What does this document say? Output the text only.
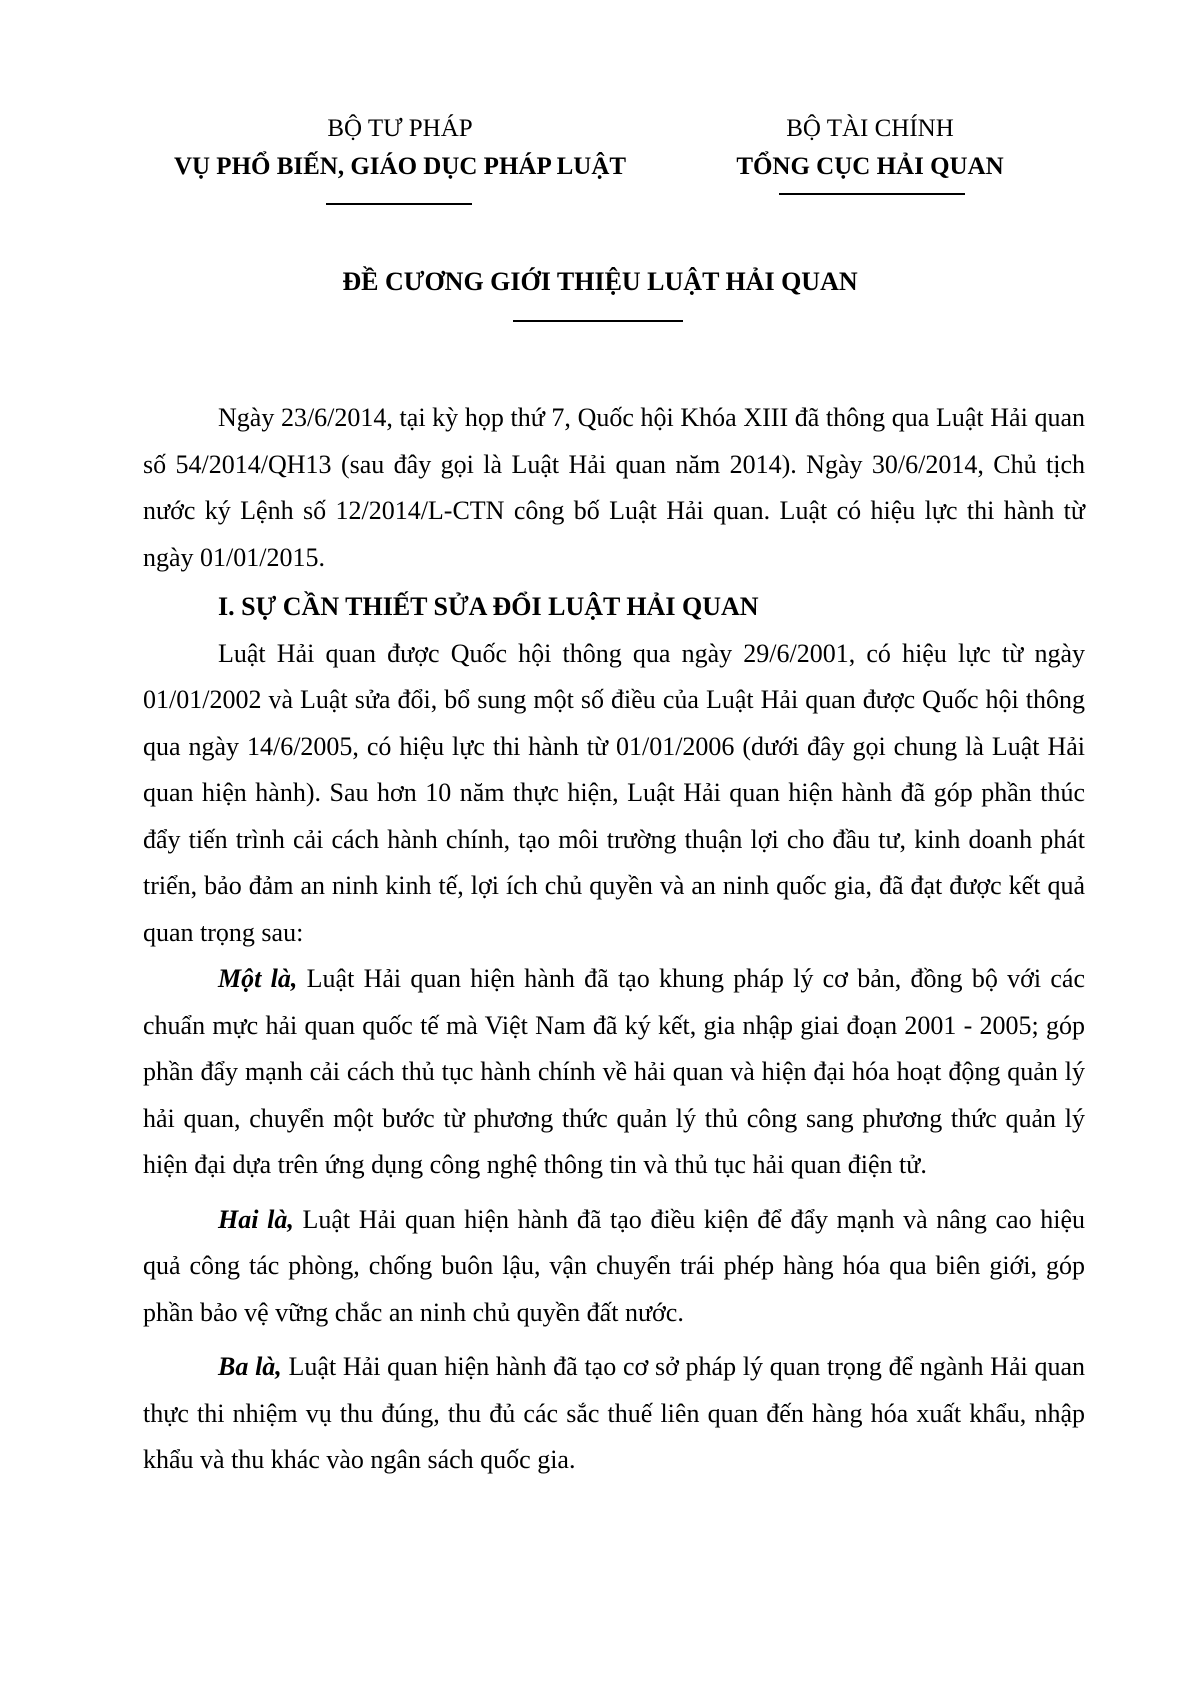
BỘ TƯ PHÁP
VỤ PHỔ BIẾN, GIÁO DỤC PHÁP LUẬT
BỘ TÀI CHÍNH
TỔNG CỤC HẢI QUAN
ĐỀ CƯƠNG GIỚI THIỆU LUẬT HẢI QUAN

Ngày 23/6/2014, tại kỳ họp thứ 7, Quốc hội Khóa XIII đã thông qua Luật Hải quan số 54/2014/QH13 (sau đây gọi là Luật Hải quan năm 2014). Ngày 30/6/2014, Chủ tịch nước ký Lệnh số 12/2014/L-CTN công bố Luật Hải quan. Luật có hiệu lực thi hành từ ngày 01/01/2015.

I. SỰ CẦN THIẾT SỬA ĐỔI LUẬT HẢI QUAN

Luật Hải quan được Quốc hội thông qua ngày 29/6/2001, có hiệu lực từ ngày 01/01/2002 và Luật sửa đổi, bổ sung một số điều của Luật Hải quan được Quốc hội thông qua ngày 14/6/2005, có hiệu lực thi hành từ 01/01/2006 (dưới đây gọi chung là Luật Hải quan hiện hành). Sau hơn 10 năm thực hiện, Luật Hải quan hiện hành đã góp phần thúc đẩy tiến trình cải cách hành chính, tạo môi trường thuận lợi cho đầu tư, kinh doanh phát triển, bảo đảm an ninh kinh tế, lợi ích chủ quyền và an ninh quốc gia, đã đạt được kết quả quan trọng sau:

Một là, Luật Hải quan hiện hành đã tạo khung pháp lý cơ bản, đồng bộ với các chuẩn mực hải quan quốc tế mà Việt Nam đã ký kết, gia nhập giai đoạn 2001 - 2005; góp phần đẩy mạnh cải cách thủ tục hành chính về hải quan và hiện đại hóa hoạt động quản lý hải quan, chuyển một bước từ phương thức quản lý thủ công sang phương thức quản lý hiện đại dựa trên ứng dụng công nghệ thông tin và thủ tục hải quan điện tử.

Hai là, Luật Hải quan hiện hành đã tạo điều kiện để đẩy mạnh và nâng cao hiệu quả công tác phòng, chống buôn lậu, vận chuyển trái phép hàng hóa qua biên giới, góp phần bảo vệ vững chắc an ninh chủ quyền đất nước.

Ba là, Luật Hải quan hiện hành đã tạo cơ sở pháp lý quan trọng để ngành Hải quan thực thi nhiệm vụ thu đúng, thu đủ các sắc thuế liên quan đến hàng hóa xuất khẩu, nhập khẩu và thu khác vào ngân sách quốc gia.
